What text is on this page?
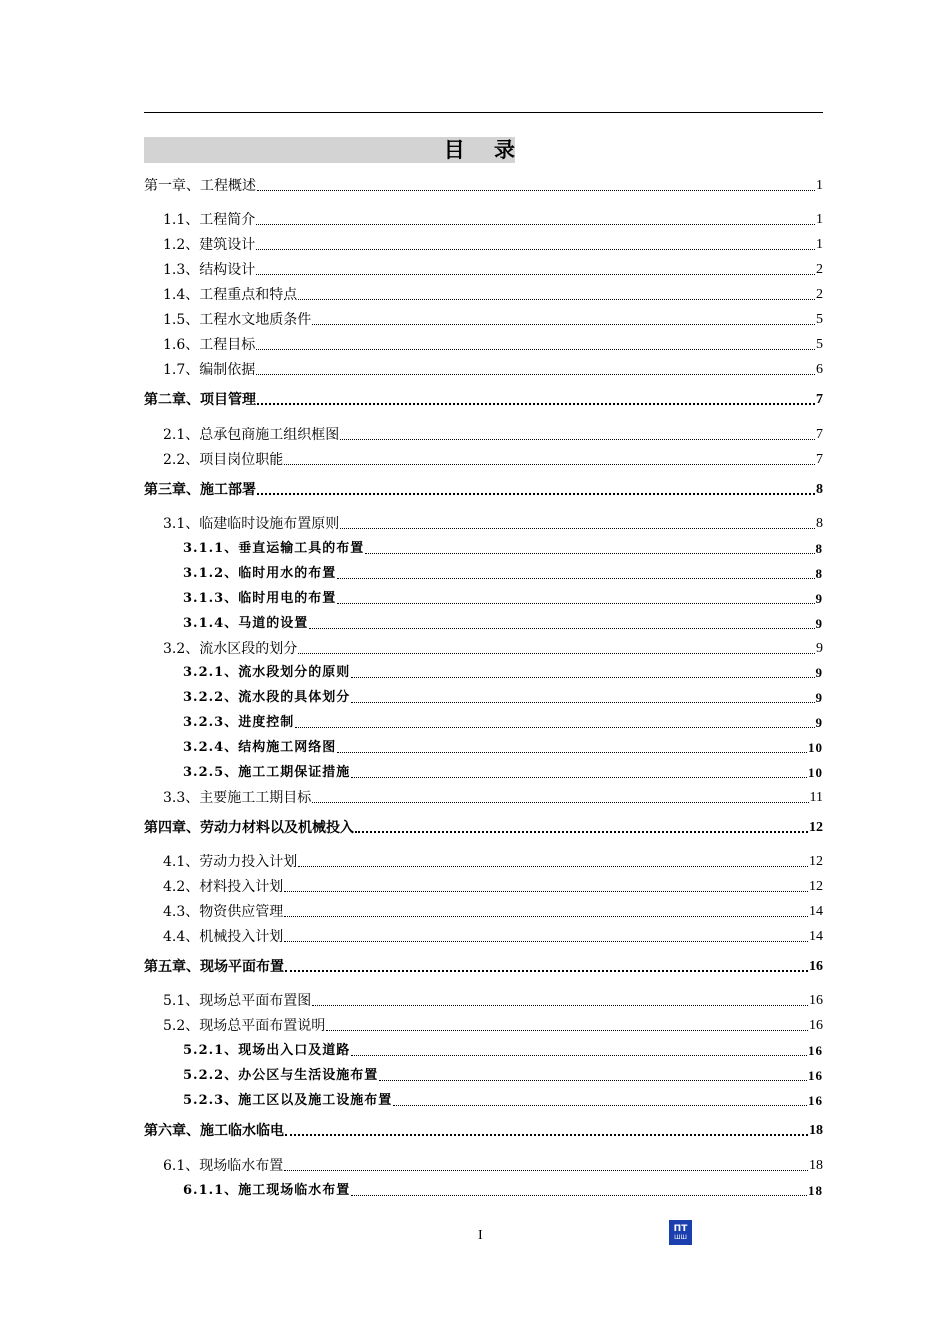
目    录
第一章、工程概述	1
1.1、工程简介	1
1.2、建筑设计	1
1.3、结构设计	2
1.4、工程重点和特点	2
1.5、工程水文地质条件	5
1.6、工程目标	5
1.7、编制依据	6
第二章、项目管理	7
2.1、总承包商施工组织框图	7
2.2、项目岗位职能	7
第三章、施工部署	8
3.1、临建临时设施布置原则	8
3.1.1、垂直运输工具的布置	8
3.1.2、临时用水的布置	8
3.1.3、临时用电的布置	9
3.1.4、马道的设置	9
3.2、流水区段的划分	9
3.2.1、流水段划分的原则	9
3.2.2、流水段的具体划分	9
3.2.3、进度控制	9
3.2.4、结构施工网络图	10
3.2.5、施工工期保证措施	10
3.3、主要施工工期目标	11
第四章、劳动力材料以及机械投入	12
4.1、劳动力投入计划	12
4.2、材料投入计划	12
4.3、物资供应管理	14
4.4、机械投入计划	14
第五章、现场平面布置	16
5.1、现场总平面布置图	16
5.2、现场总平面布置说明	16
5.2.1、现场出入口及道路	16
5.2.2、办公区与生活设施布置	16
5.2.3、施工区以及施工设施布置	16
第六章、施工临水临电	18
6.1、现场临水布置	18
6.1.1、施工现场临水布置	18
I	ПТ
ШШ
